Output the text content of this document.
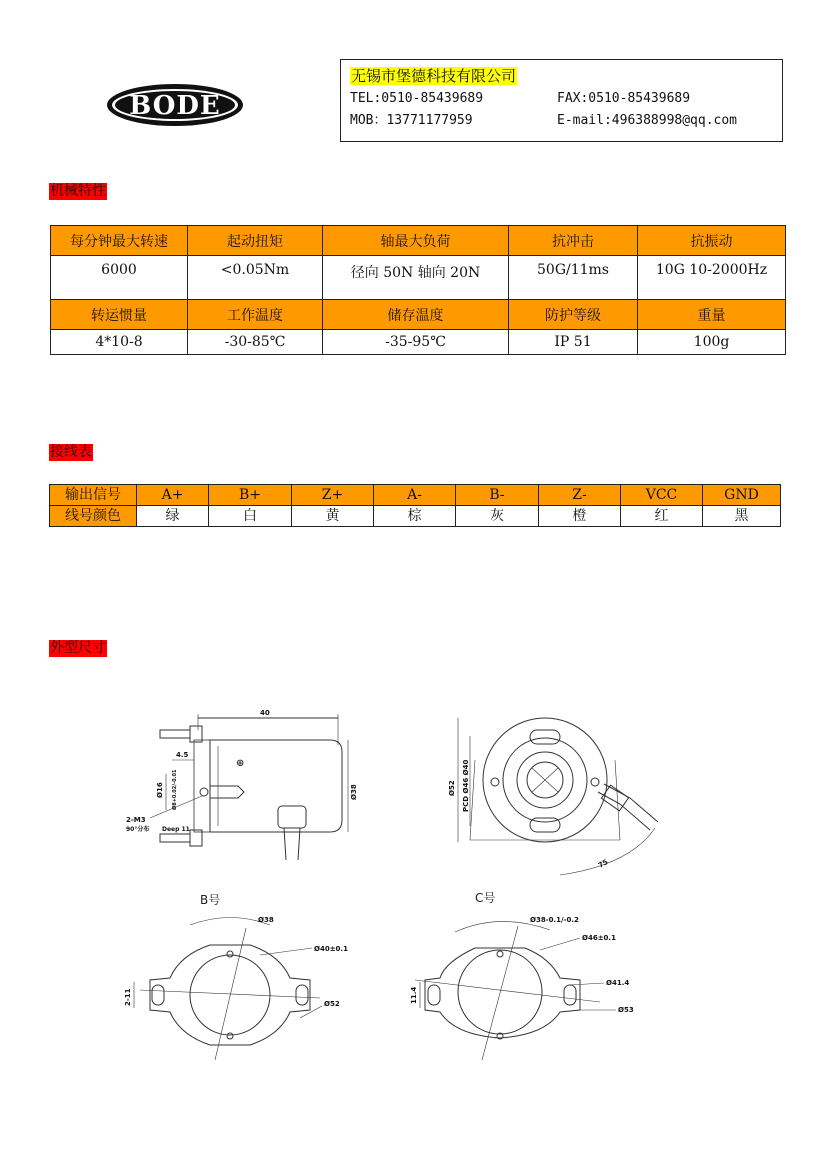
BODE
无锡市堡德科技有限公司
TEL:0510-85439689	FAX:0510-85439689
MOB：13771177959	E-mail:496388998@qq.com
机械特性
每分钟最大转速	起动扭矩	轴最大负荷	抗冲击	抗振动
6000	<0.05Nm	径向 50N 轴向 20N	50G/11ms	10G 10-2000Hz
转运惯量	工作温度	储存温度	防护等级	重量
4*10-8	-30-85℃	-35-95℃	IP 51	100g
接线表
输出信号	A+	B+	Z+	A-	B-	Z-	VCC	GND
线号颜色	绿	白	黄	棕	灰	橙	红	黑
外型尺寸
40
⊕
4.5
Ø16 Ø8+0.02/-0.01	Ø38
2-M3
90°分布 Deep 11
B号
Ø52 PCD Ø46 Ø40
75
C号
Ø38
Ø40±0.1
Ø52
2-11
Ø38-0.1/-0.2
Ø46±0.1
Ø41.4
Ø53
11.4
